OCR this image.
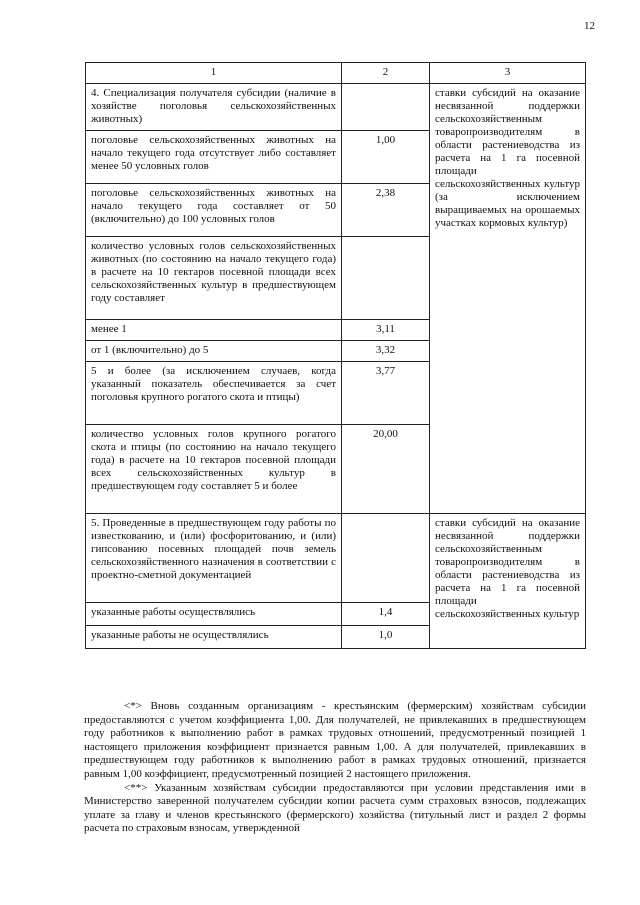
12
1	2	3
4. Специализация получателя субсидии (наличие в хозяйстве поголовья сельскохозяйственных животных)		ставки субсидий на оказание несвязанной поддержки сельскохозяйственным товаропроизводителям в области растениеводства из расчета на 1 га посевной площади сельскохозяйственных культур (за исключением выращиваемых на орошаемых участках кормовых культур)
поголовье сельскохозяйственных животных на начало текущего года отсутствует либо составляет менее 50 условных голов	1,00	
поголовье сельскохозяйственных животных на начало текущего года составляет от 50 (включительно) до 100 условных голов	2,38	
количество условных голов сельскохозяйственных животных (по состоянию на начало текущего года) в расчете на 10 гектаров посевной площади всех сельскохозяйственных культур в предшествующем году составляет		
менее 1	3,11	
от 1 (включительно) до 5	3,32	
5 и более (за исключением случаев, когда указанный показатель обеспечивается за счет поголовья крупного рогатого скота и птицы)	3,77	
количество условных голов крупного рогатого скота и птицы (по состоянию на начало текущего года) в расчете на 10 гектаров посевной площади всех сельскохозяйственных культур в предшествующем году составляет 5 и более	20,00	
5. Проведенные в предшествующем году работы по известкованию, и (или) фосфоритованию, и (или) гипсованию посевных площадей почв земель сельскохозяйственного назначения в соответствии с проектно-сметной документацией		ставки субсидий на оказание несвязанной поддержки сельскохозяйственным товаропроизводителям в области растениеводства из расчета на 1 га посевной площади сельскохозяйственных культур
указанные работы осуществлялись	1,4	
указанные работы не осуществлялись	1,0	

<*> Вновь созданным организациям - крестьянским (фермерским) хозяйствам субсидии предоставляются с учетом коэффициента 1,00. Для получателей, не привлекавших в предшествующем году работников к выполнению работ в рамках трудовых отношений, предусмотренный позицией 1 настоящего приложения коэффициент признается равным 1,00. А для получателей, привлекавших в предшествующем году работников к выполнению работ в рамках трудовых отношений, признается равным 1,00 коэффициент, предусмотренный позицией 2 настоящего приложения.

<**> Указанным хозяйствам субсидии предоставляются при условии представления ими в Министерство заверенной получателем субсидии копии расчета сумм страховых взносов, подлежащих уплате за главу и членов крестьянского (фермерского) хозяйства (титульный лист и раздел 2 формы расчета по страховым взносам, утвержденной
